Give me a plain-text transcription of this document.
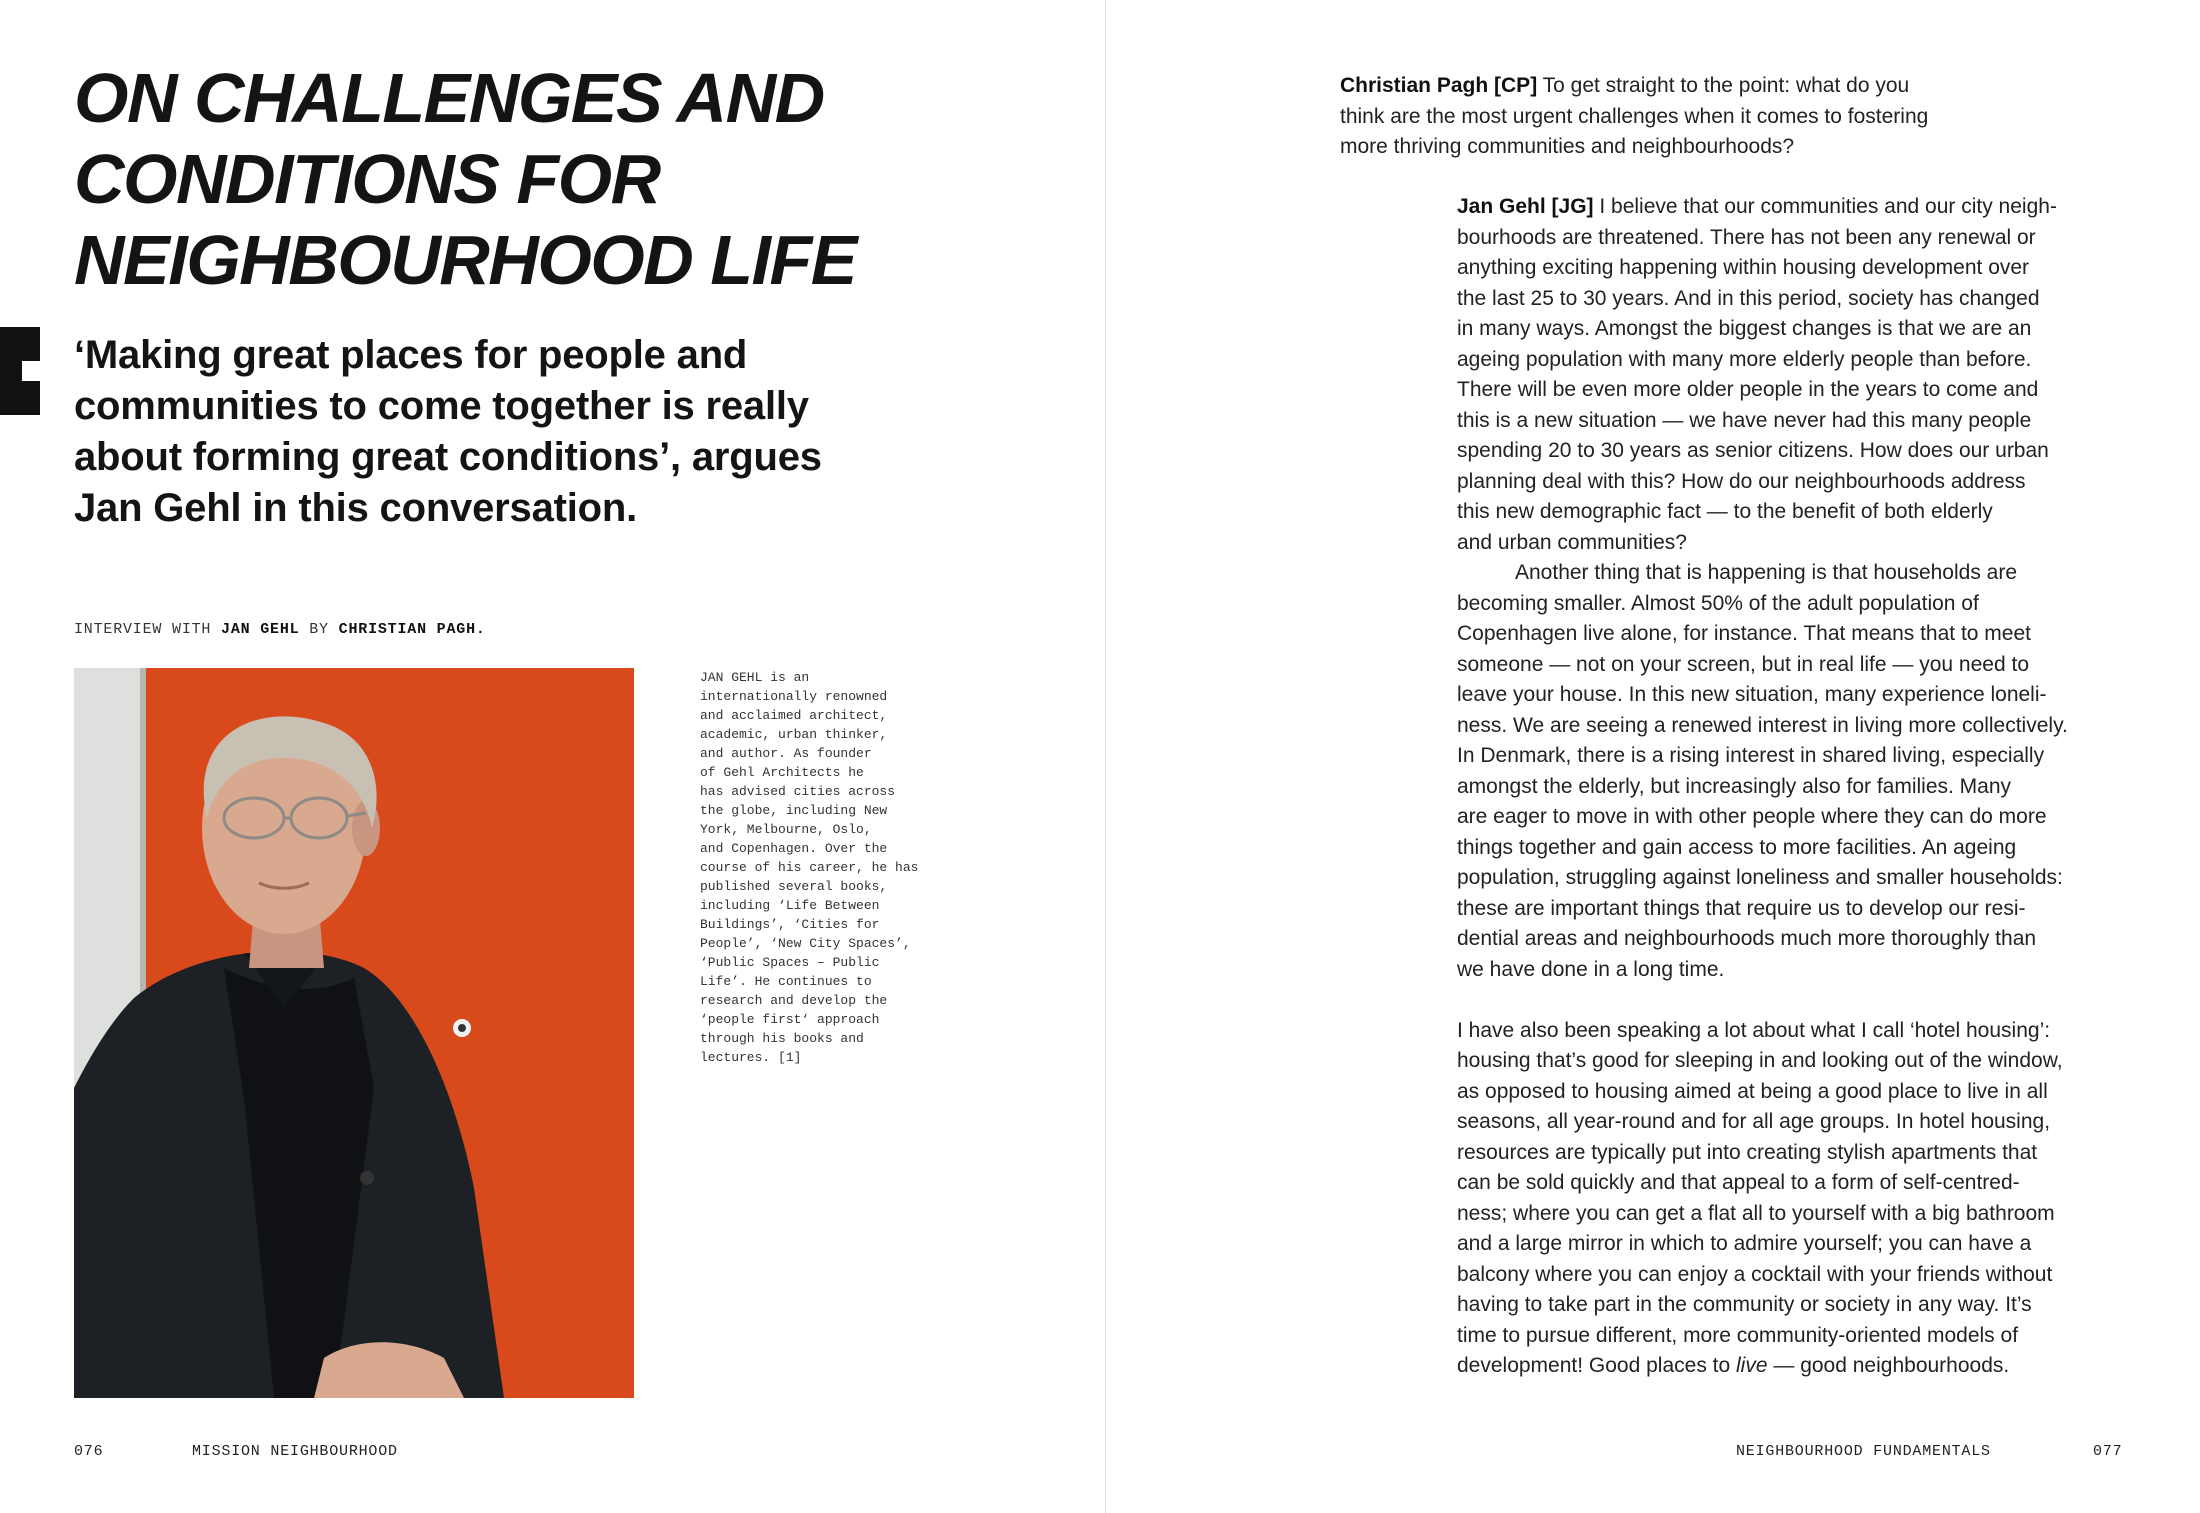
ON CHALLENGES AND
CONDITIONS FOR
NEIGHBOURHOOD LIFE

‘Making great places for people and
communities to come together is really
about forming great conditions’, argues
Jan Gehl in this conversation.

INTERVIEW WITH JAN GEHL BY CHRISTIAN PAGH.
JAN GEHL is an
internationally renowned
and acclaimed architect,
academic, urban thinker,
and author. As founder
of Gehl Architects he
has advised cities across
the globe, including New
York, Melbourne, Oslo,
and Copenhagen. Over the
course of his career, he has
published several books,
including ‘Life Between
Buildings’, ‘Cities for
People’, ‘New City Spaces’,
‘Public Spaces – Public
Life’. He continues to
research and develop the
‘people first‘ approach
through his books and
lectures. [1]
076	MISSION NEIGHBOURHOOD
Christian Pagh [CP] To get straight to the point: what do you
think are the most urgent challenges when it comes to fostering
more thriving communities and neighbourhoods?
Jan Gehl [JG] I believe that our communities and our city neigh-
bourhoods are threatened. There has not been any renewal or
anything exciting happening within housing development over
the last 25 to 30 years. And in this period, society has changed
in many ways. Amongst the biggest changes is that we are an
ageing population with many more elderly people than before.
There will be even more older people in the years to come and
this is a new situation — we have never had this many people
spending 20 to 30 years as senior citizens. How does our urban
planning deal with this? How do our neighbourhoods address
this new demographic fact — to the benefit of both elderly
and urban communities?
Another thing that is happening is that households are
becoming smaller. Almost 50% of the adult population of
Copenhagen live alone, for instance. That means that to meet
someone — not on your screen, but in real life — you need to
leave your house. In this new situation, many experience loneli-
ness. We are seeing a renewed interest in living more collectively.
In Denmark, there is a rising interest in shared living, especially
amongst the elderly, but increasingly also for families. Many
are eager to move in with other people where they can do more
things together and gain access to more facilities. An ageing
population, struggling against loneliness and smaller households:
these are important things that require us to develop our resi-
dential areas and neighbourhoods much more thoroughly than
we have done in a long time.
I have also been speaking a lot about what I call ‘hotel housing’:
housing that’s good for sleeping in and looking out of the window,
as opposed to housing aimed at being a good place to live in all
seasons, all year-round and for all age groups. In hotel housing,
resources are typically put into creating stylish apartments that
can be sold quickly and that appeal to a form of self-centred-
ness; where you can get a flat all to yourself with a big bathroom
and a large mirror in which to admire yourself; you can have a
balcony where you can enjoy a cocktail with your friends without
having to take part in the community or society in any way. It’s
time to pursue different, more community-oriented models of
development! Good places to live — good neighbourhoods.
NEIGHBOURHOOD FUNDAMENTALS	077
